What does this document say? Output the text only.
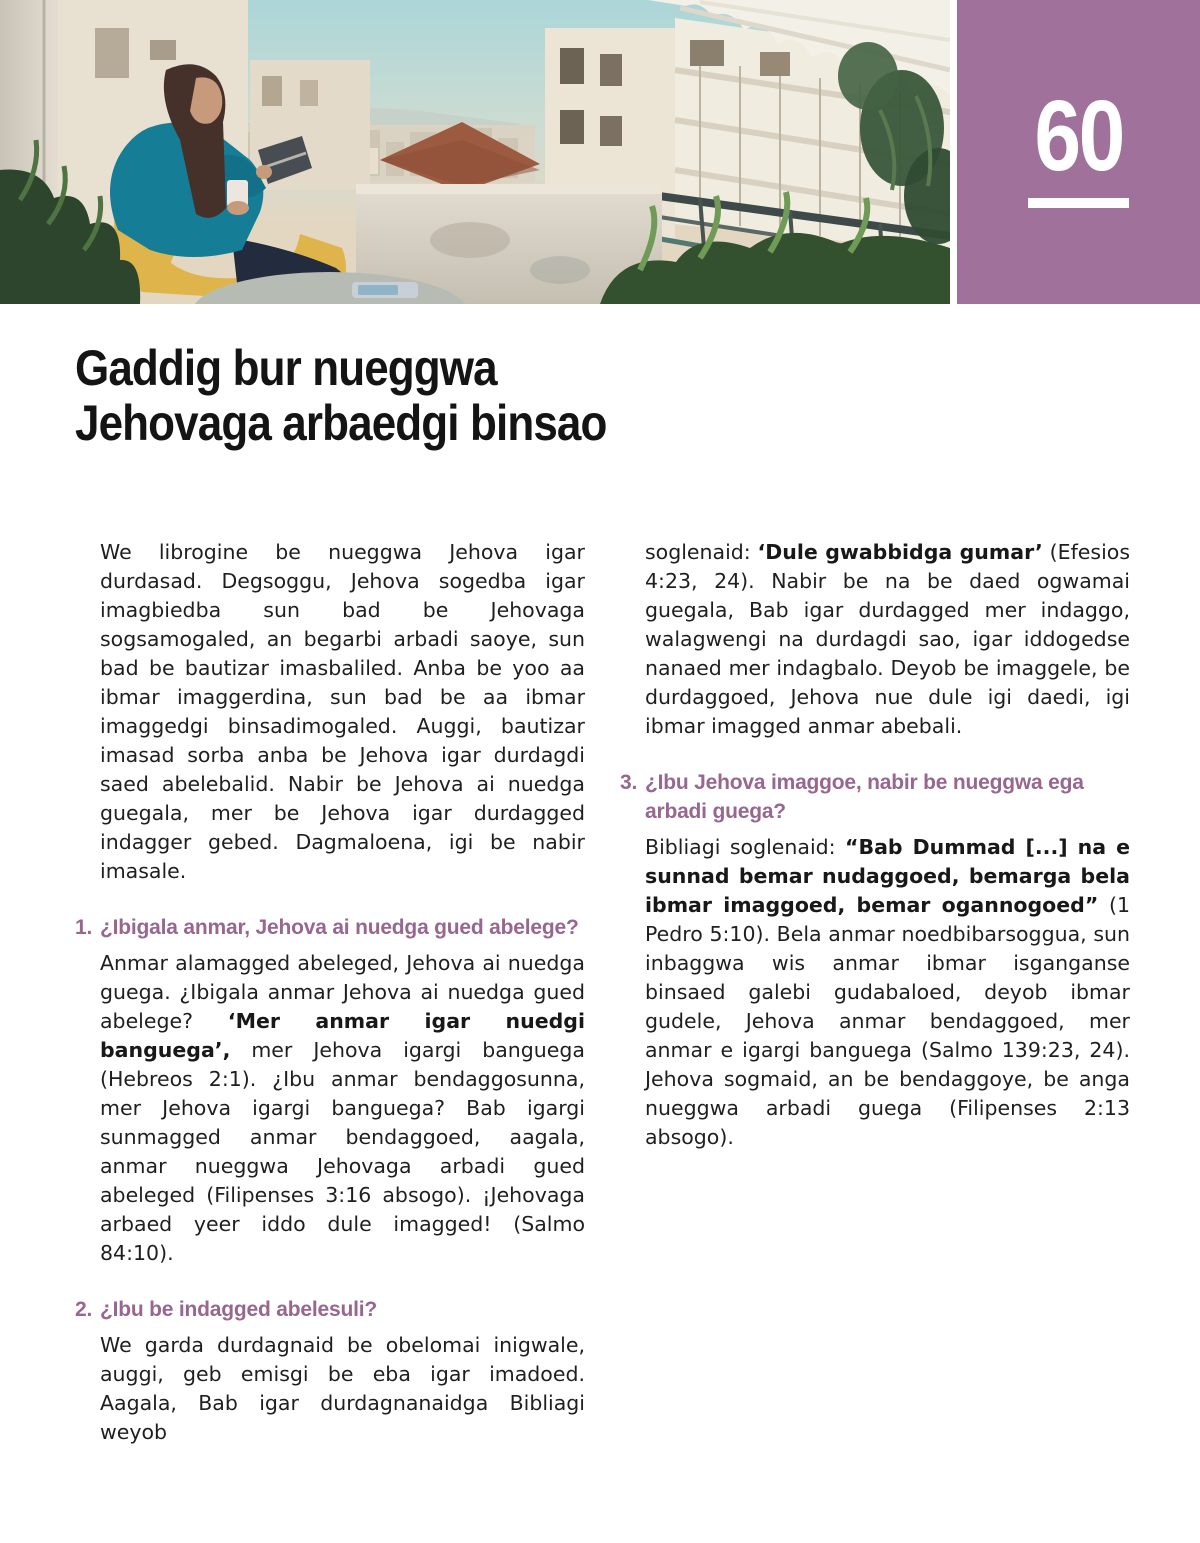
60
Gaddig bur nueggwa
Jehovaga arbaedgi binsao

We librogine be nueggwa Jehova igar durdasad. Degsoggu, Jehova sogedba igar imagbiedba sun bad be Jehovaga sogsamogaled, an begarbi arbadi saoye, sun bad be bautizar imasbaliled. Anba be yoo aa ibmar imaggerdina, sun bad be aa ibmar imaggedgi binsadimogaled. Auggi, bautizar imasad sorba anba be Jehova igar durdagdi saed abelebalid. Nabir be Jehova ai nuedga guegala, mer be Jehova igar durdagged indagger gebed. Dagmaloena, igi be nabir imasale.

1. ¿Ibigala anmar, Jehova ai nuedga gued abelege?

Anmar alamagged abeleged, Jehova ai nuedga guega. ¿Ibigala anmar Jehova ai nuedga gued abelege? ‘Mer anmar igar nuedgi banguega’, mer Jehova igargi banguega (Hebreos 2:1). ¿Ibu anmar bendaggosunna, mer Jehova igargi banguega? Bab igargi sunmagged anmar bendaggoed, aagala, anmar nueggwa Jehovaga arbadi gued abeleged (Filipenses 3:16 absogo). ¡Jehovaga arbaed yeer iddo dule imagged! (Salmo 84:10).

2. ¿Ibu be indagged abelesuli?

We garda durdagnaid be obelomai inigwale, auggi, geb emisgi be eba igar imadoed. Aagala, Bab igar durdagnanaidga Bibliagi weyob

soglenaid: ‘Dule gwabbidga gumar’ (Efesios 4:23, 24). Nabir be na be daed ogwamai guegala, Bab igar durdagged mer indaggo, walagwengi na durdagdi sao, igar iddogedse nanaed mer indagbalo. Deyob be imaggele, be durdaggoed, Jehova nue dule igi daedi, igi ibmar imagged anmar abebali.

3. ¿Ibu Jehova imaggoe, nabir be nueggwa ega arbadi guega?

Bibliagi soglenaid: “Bab Dummad [...] na e sunnad bemar nudaggoed, bemarga bela ibmar imaggoed, bemar ogannogoed” (1 Pedro 5:10). Bela anmar noedbibarsoggua, sun inbaggwa wis anmar ibmar isganganse binsaed galebi gudabaloed, deyob ibmar gudele, Jehova anmar bendaggoed, mer anmar e igargi banguega (Salmo 139:23, 24). Jehova sogmaid, an be bendaggoye, be anga nueggwa arbadi guega (Filipenses 2:13 absogo).
